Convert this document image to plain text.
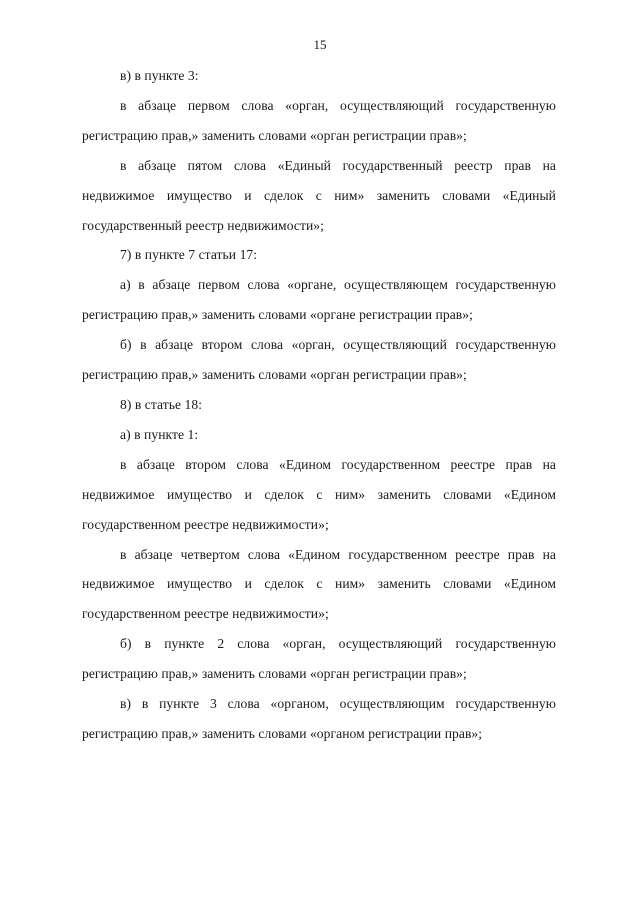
15

в) в пункте 3:

в абзаце первом слова «орган, осуществляющий государственную регистрацию прав,» заменить словами «орган регистрации прав»;

в абзаце пятом слова «Единый государственный реестр прав на недвижимое имущество и сделок с ним» заменить словами «Единый государственный реестр недвижимости»;

7) в пункте 7 статьи 17:

а) в абзаце первом слова «органе, осуществляющем государственную регистрацию прав,» заменить словами «органе регистрации прав»;

б) в абзаце втором слова «орган, осуществляющий государственную регистрацию прав,» заменить словами «орган регистрации прав»;

8) в статье 18:

а) в пункте 1:

в абзаце втором слова «Едином государственном реестре прав на недвижимое имущество и сделок с ним» заменить словами «Едином государственном реестре недвижимости»;

в абзаце четвертом слова «Едином государственном реестре прав на недвижимое имущество и сделок с ним» заменить словами «Едином государственном реестре недвижимости»;

б) в пункте 2 слова «орган, осуществляющий государственную регистрацию прав,» заменить словами «орган регистрации прав»;

в) в пункте 3 слова «органом, осуществляющим государственную регистрацию прав,» заменить словами «органом регистрации прав»;
